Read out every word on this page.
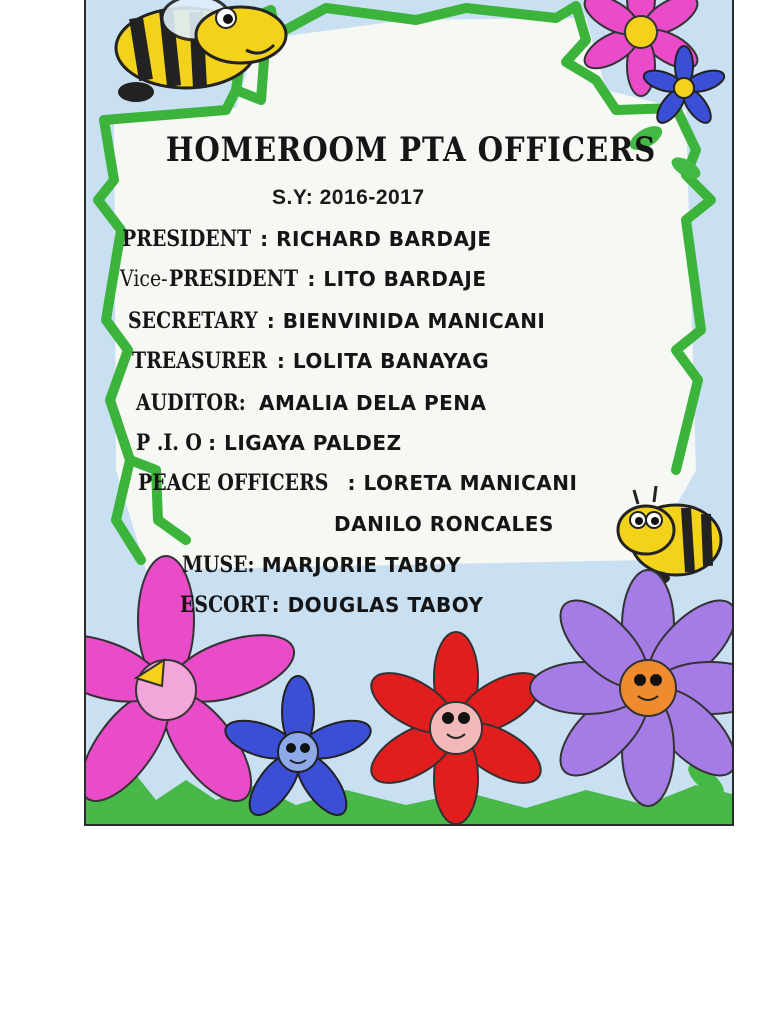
HOMEROOM PTA OFFICERS
S.Y: 2016-2017
PRESIDENT : RICHARD BARDAJE
Vice-PRESIDENT : LITO BARDAJE
SECRETARY : BIENVINIDA MANICANI
TREASURER : LOLITA BANAYAG
AUDITOR: AMALIA DELA PENA
P .I. O : LIGAYA PALDEZ
PEACE OFFICERS : LORETA MANICANI
DANILO RONCALES
MUSE: MARJORIE TABOY
ESCORT : DOUGLAS TABOY
